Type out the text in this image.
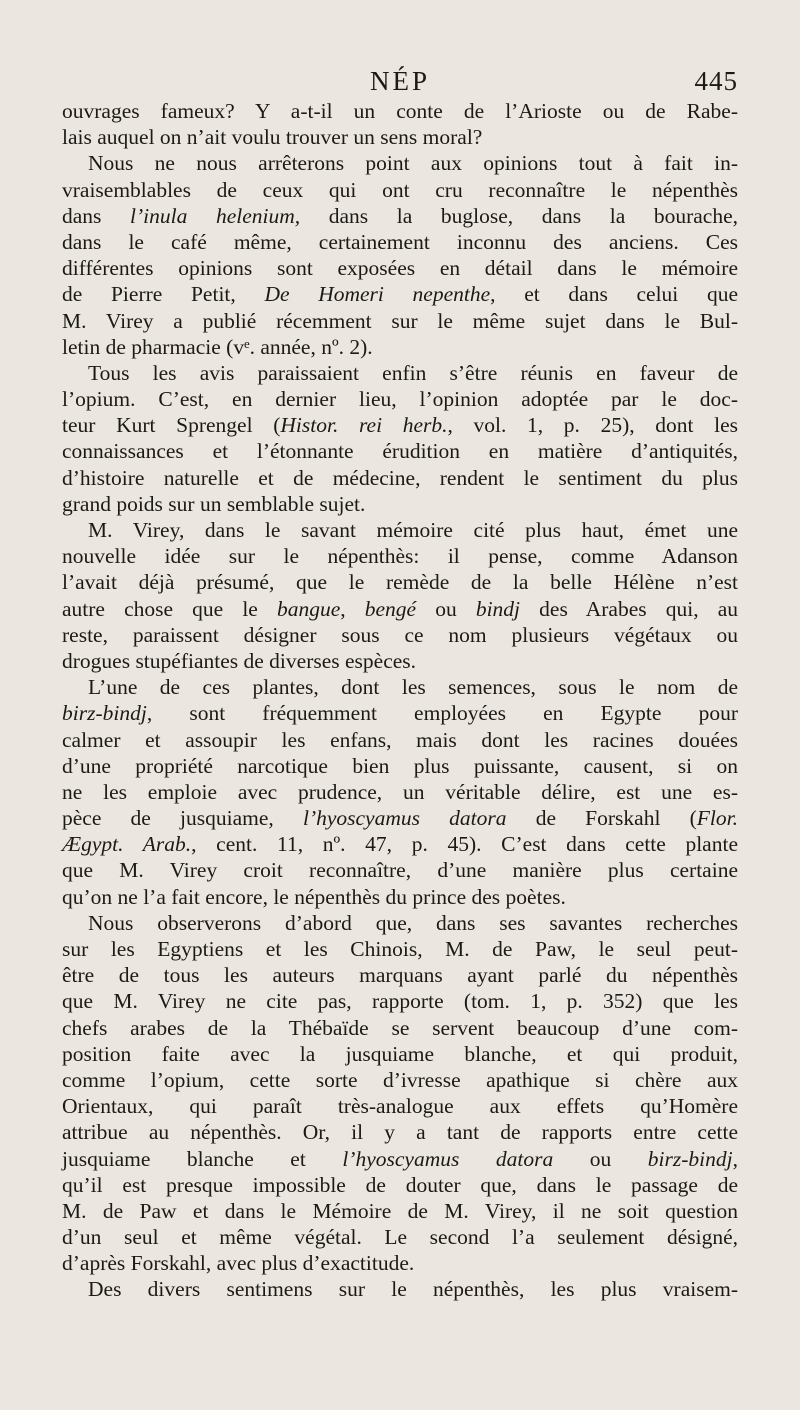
NÉP	445
ouvrages fameux? Y a-t-il un conte de l’Arioste ou de Rabe-
lais auquel on n’ait voulu trouver un sens moral?
Nous ne nous arrêterons point aux opinions tout à fait in-
vraisemblables de ceux qui ont cru reconnaître le népenthès
dans l’inula helenium, dans la buglose, dans la bourache,
dans le café même, certainement inconnu des anciens. Ces
différentes opinions sont exposées en détail dans le mémoire
de Pierre Petit, De Homeri nepenthe, et dans celui que
M. Virey a publié récemment sur le même sujet dans le Bul-
letin de pharmacie (vᵉ. année, nº. 2).
Tous les avis paraissaient enfin s’être réunis en faveur de
l’opium. C’est, en dernier lieu, l’opinion adoptée par le doc-
teur Kurt Sprengel (Histor. rei herb., vol. 1, p. 25), dont les
connaissances et l’étonnante érudition en matière d’antiquités,
d’histoire naturelle et de médecine, rendent le sentiment du plus
grand poids sur un semblable sujet.
M. Virey, dans le savant mémoire cité plus haut, émet une
nouvelle idée sur le népenthès: il pense, comme Adanson
l’avait déjà présumé, que le remède de la belle Hélène n’est
autre chose que le bangue, bengé ou bindj des Arabes qui, au
reste, paraissent désigner sous ce nom plusieurs végétaux ou
drogues stupéfiantes de diverses espèces.
L’une de ces plantes, dont les semences, sous le nom de
birz-bindj, sont fréquemment employées en Egypte pour
calmer et assoupir les enfans, mais dont les racines douées
d’une propriété narcotique bien plus puissante, causent, si on
ne les emploie avec prudence, un véritable délire, est une es-
pèce de jusquiame, l’hyoscyamus datora de Forskahl (Flor.
Ægypt. Arab., cent. 11, nº. 47, p. 45). C’est dans cette plante
que M. Virey croit reconnaître, d’une manière plus certaine
qu’on ne l’a fait encore, le népenthès du prince des poètes.
Nous observerons d’abord que, dans ses savantes recherches
sur les Egyptiens et les Chinois, M. de Paw, le seul peut-
être de tous les auteurs marquans ayant parlé du népenthès
que M. Virey ne cite pas, rapporte (tom. 1, p. 352) que les
chefs arabes de la Thébaïde se servent beaucoup d’une com-
position faite avec la jusquiame blanche, et qui produit,
comme l’opium, cette sorte d’ivresse apathique si chère aux
Orientaux, qui paraît très-analogue aux effets qu’Homère
attribue au népenthès. Or, il y a tant de rapports entre cette
jusquiame blanche et l’hyoscyamus datora ou birz-bindj,
qu’il est presque impossible de douter que, dans le passage de
M. de Paw et dans le Mémoire de M. Virey, il ne soit question
d’un seul et même végétal. Le second l’a seulement désigné,
d’après Forskahl, avec plus d’exactitude.
Des divers sentimens sur le népenthès, les plus vraisem-
